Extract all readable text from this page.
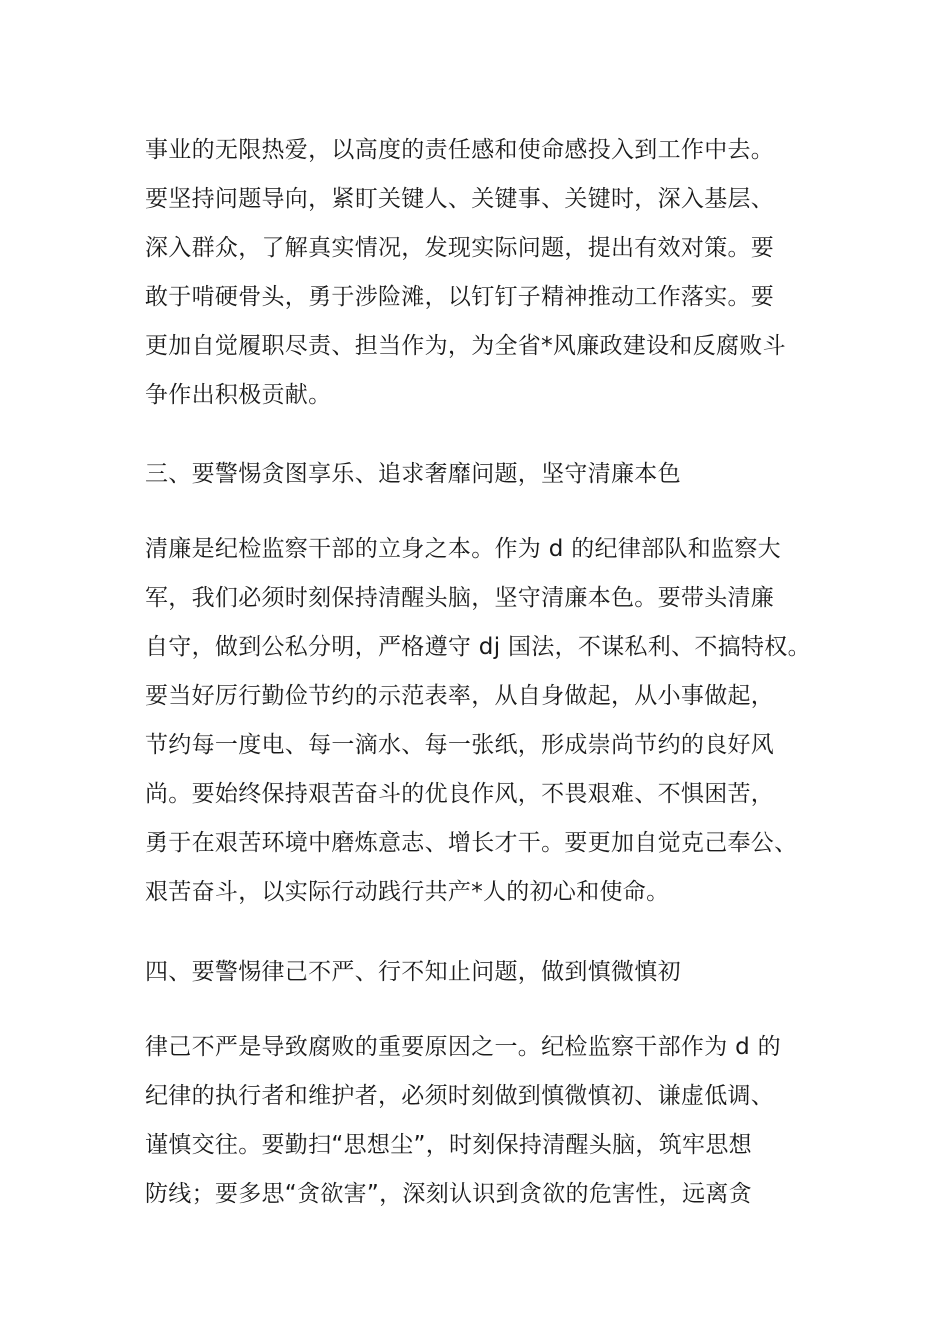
事业的无限热爱，以高度的责任感和使命感投入到工作中去。
要坚持问题导向，紧盯关键人、关键事、关键时，深入基层、
深入群众，了解真实情况，发现实际问题，提出有效对策。要
敢于啃硬骨头，勇于涉险滩，以钉钉子精神推动工作落实。要
更加自觉履职尽责、担当作为，为全省*风廉政建设和反腐败斗
争作出积极贡献。
三、要警惕贪图享乐、追求奢靡问题，坚守清廉本色
清廉是纪检监察干部的立身之本。作为 d 的纪律部队和监察大
军，我们必须时刻保持清醒头脑，坚守清廉本色。要带头清廉
自守，做到公私分明，严格遵守 dj 国法，不谋私利、不搞特权。
要当好厉行勤俭节约的示范表率，从自身做起，从小事做起，
节约每一度电、每一滴水、每一张纸，形成崇尚节约的良好风
尚。要始终保持艰苦奋斗的优良作风，不畏艰难、不惧困苦，
勇于在艰苦环境中磨炼意志、增长才干。要更加自觉克己奉公、
艰苦奋斗，以实际行动践行共产*人的初心和使命。
四、要警惕律己不严、行不知止问题，做到慎微慎初
律己不严是导致腐败的重要原因之一。纪检监察干部作为 d 的
纪律的执行者和维护者，必须时刻做到慎微慎初、谦虚低调、
谨慎交往。要勤扫“思想尘”，时刻保持清醒头脑，筑牢思想
防线；要多思“贪欲害”，深刻认识到贪欲的危害性，远离贪
